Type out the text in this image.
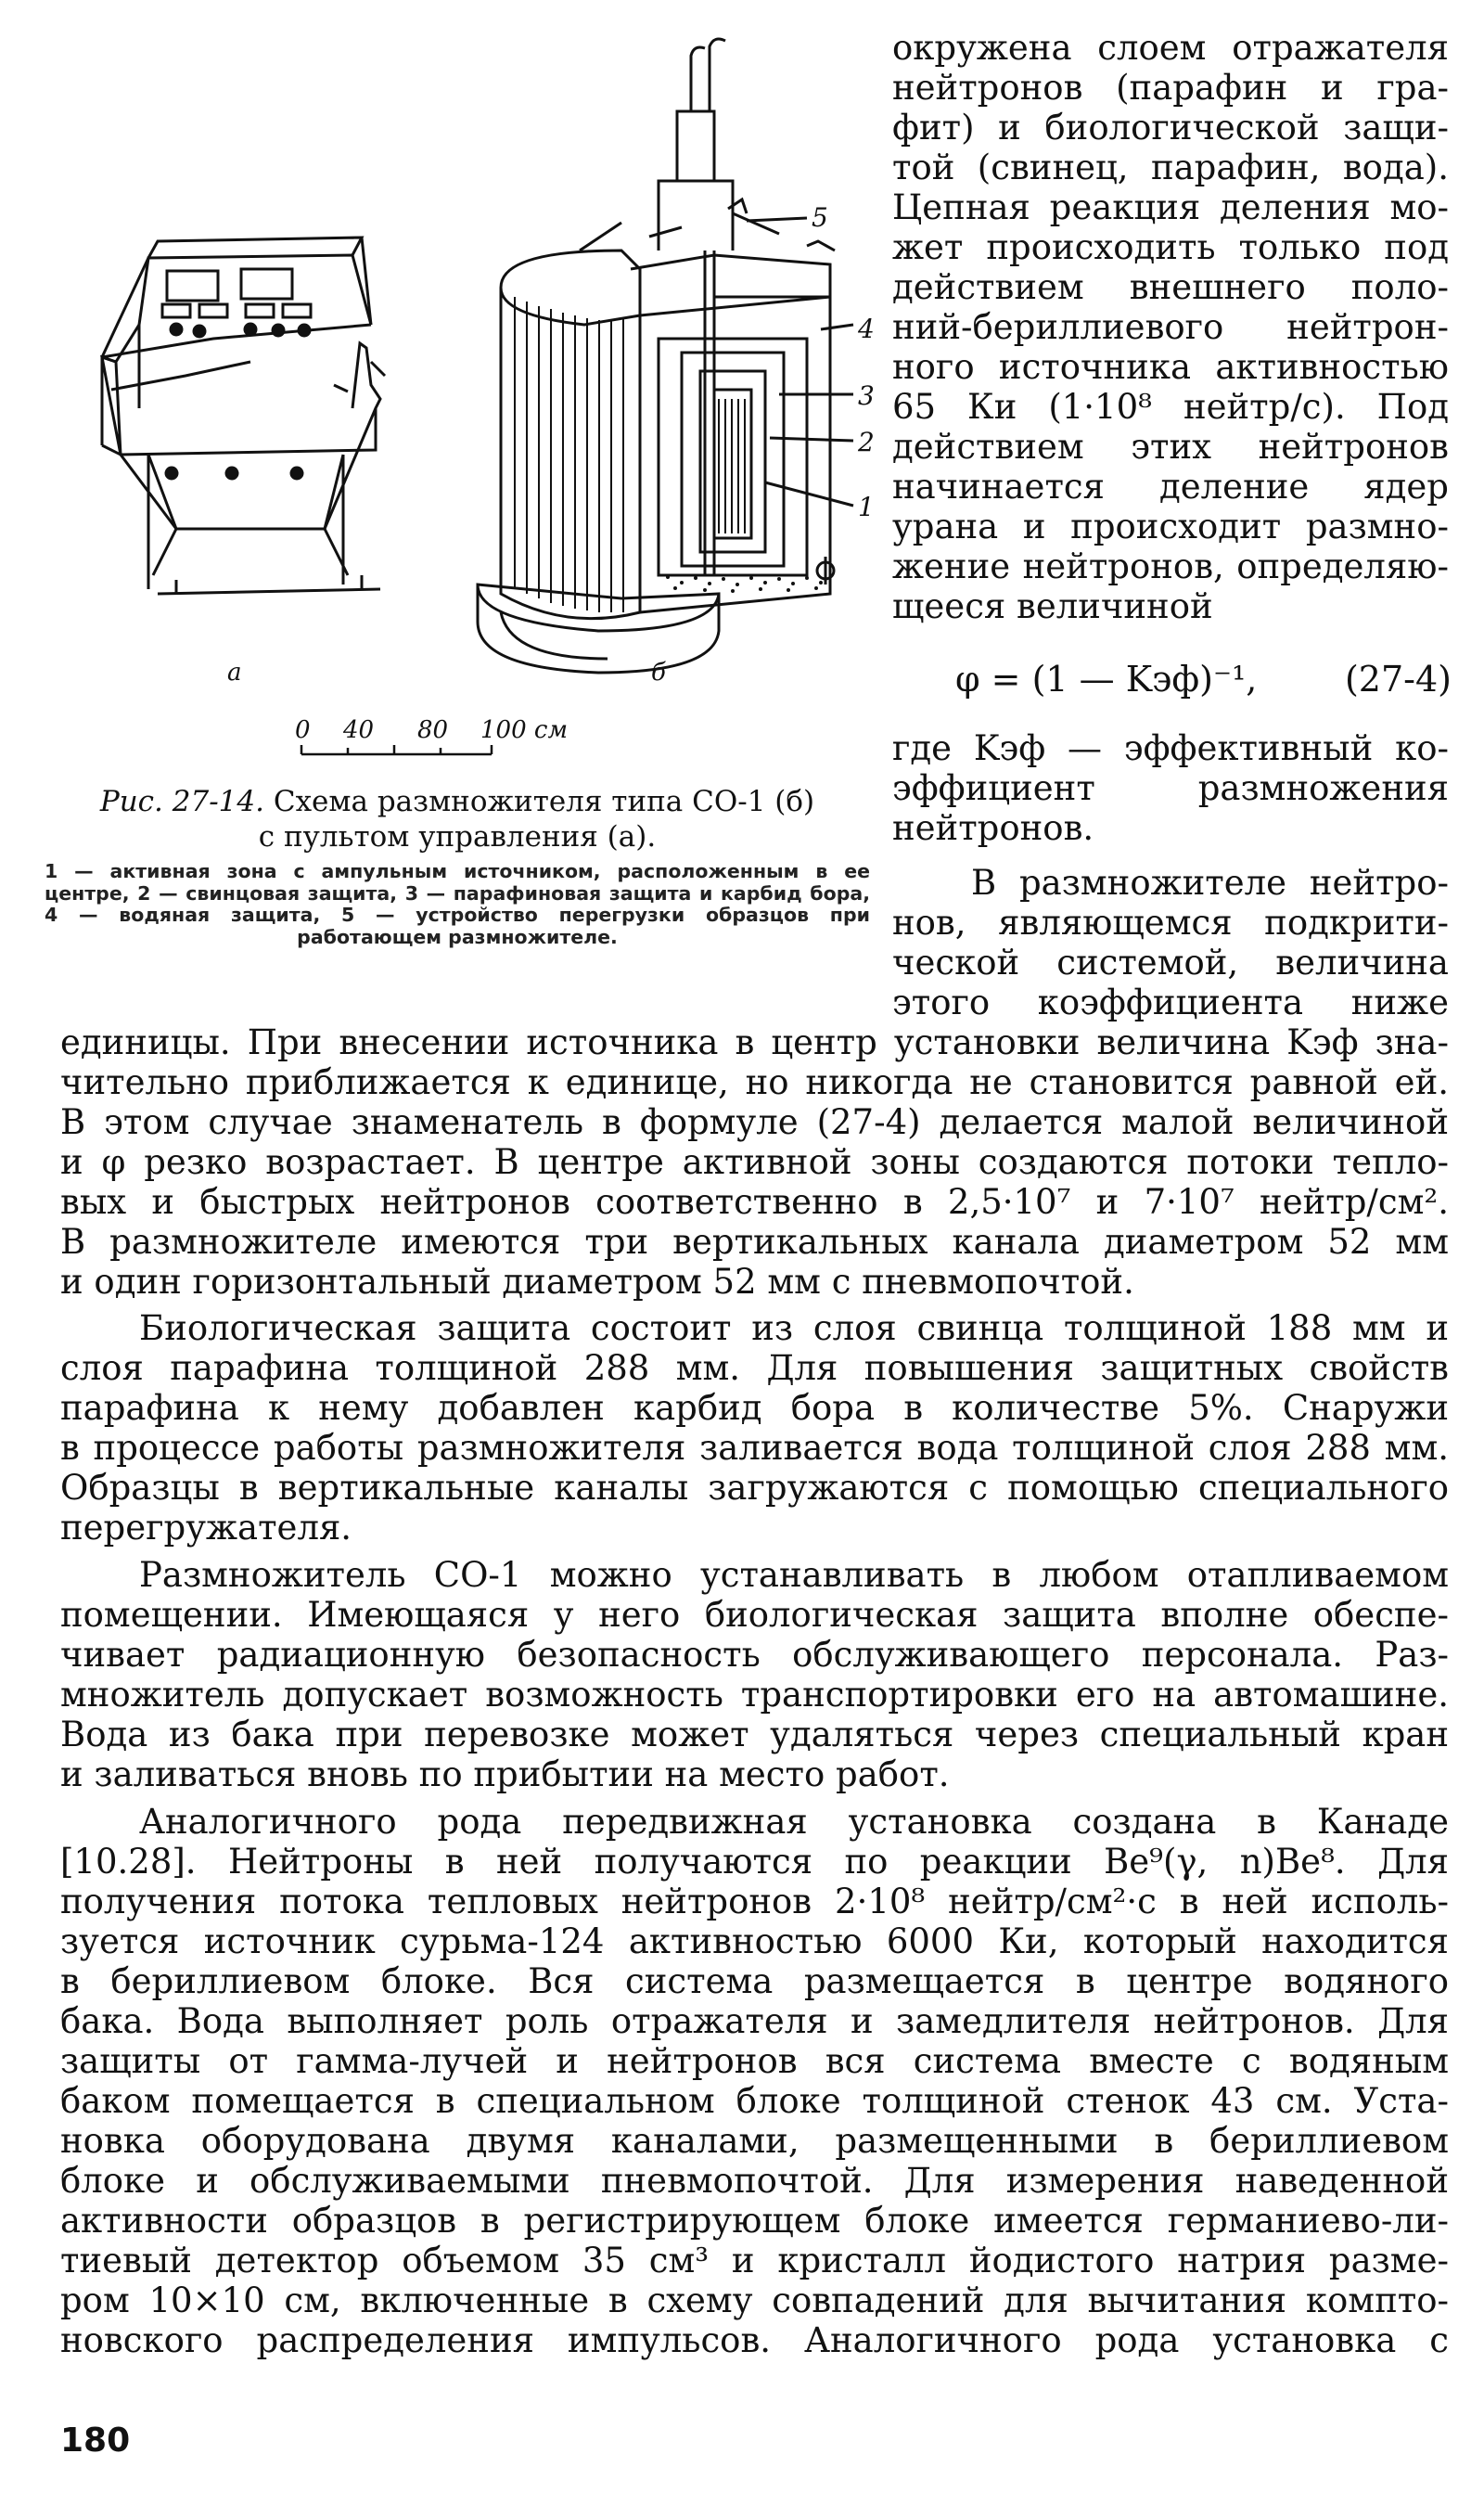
а	б
5
4
3
2
1
0 40 80 100 см
Рис. 27-14. Схема размножителя типа СО-1 (б)
с пультом управления (а).
1 — активная зона с ампульным источником, расположенным в ее центре, 2 — свинцовая защита, 3 — парафиновая защита и карбид бора, 4 — водяная защита, 5 — устройство перегрузки образцов при работающем размножителе.
окружена слоем отражателя
нейтронов (парафин и гра-
фит) и биологической защи-
той (свинец, парафин, вода).
Цепная реакция деления мо-
жет происходить только под
действием внешнего поло-
ний-бериллиевого нейтрон-
ного источника активностью
65 Ки (1·10⁸ нейтр/с). Под
действием этих нейтронов
начинается деление ядер
урана и происходит размно-
жение нейтронов, определяю-
щееся величиной
φ = (1 — Kэф)⁻¹, (27-4)
где Kэф — эффективный ко-
эффициент размножения
нейтронов.
В размножителе нейтро-
нов, являющемся подкрити-
ческой системой, величина
этого коэффициента ниже
единицы. При внесении источника в центр установки величина Kэф зна-
чительно приближается к единице, но никогда не становится равной ей.
В этом случае знаменатель в формуле (27-4) делается малой величиной
и φ резко возрастает. В центре активной зоны создаются потоки тепло-
вых и быстрых нейтронов соответственно в 2,5·10⁷ и 7·10⁷ нейтр/см².
В размножителе имеются три вертикальных канала диаметром 52 мм
и один горизонтальный диаметром 52 мм с пневмопочтой.
Биологическая защита состоит из слоя свинца толщиной 188 мм и
слоя парафина толщиной 288 мм. Для повышения защитных свойств
парафина к нему добавлен карбид бора в количестве 5%. Снаружи
в процессе работы размножителя заливается вода толщиной слоя 288 мм.
Образцы в вертикальные каналы загружаются с помощью специального
перегружателя.
Размножитель СО-1 можно устанавливать в любом отапливаемом
помещении. Имеющаяся у него биологическая защита вполне обеспе-
чивает радиационную безопасность обслуживающего персонала. Раз-
множитель допускает возможность транспортировки его на автомашине.
Вода из бака при перевозке может удаляться через специальный кран
и заливаться вновь по прибытии на место работ.
Аналогичного рода передвижная установка создана в Канаде
[10.28]. Нейтроны в ней получаются по реакции Be⁹(γ, n)Be⁸. Для
получения потока тепловых нейтронов 2·10⁸ нейтр/см²·с в ней исполь-
зуется источник сурьма-124 активностью 6000 Ки, который находится
в бериллиевом блоке. Вся система размещается в центре водяного
бака. Вода выполняет роль отражателя и замедлителя нейтронов. Для
защиты от гамма-лучей и нейтронов вся система вместе с водяным
баком помещается в специальном блоке толщиной стенок 43 см. Уста-
новка оборудована двумя каналами, размещенными в бериллиевом
блоке и обслуживаемыми пневмопочтой. Для измерения наведенной
активности образцов в регистрирующем блоке имеется германиево-ли-
тиевый детектор объемом 35 см³ и кристалл йодистого натрия разме-
ром 10×10 см, включенные в схему совпадений для вычитания компто-
новского распределения импульсов. Аналогичного рода установка с
180
